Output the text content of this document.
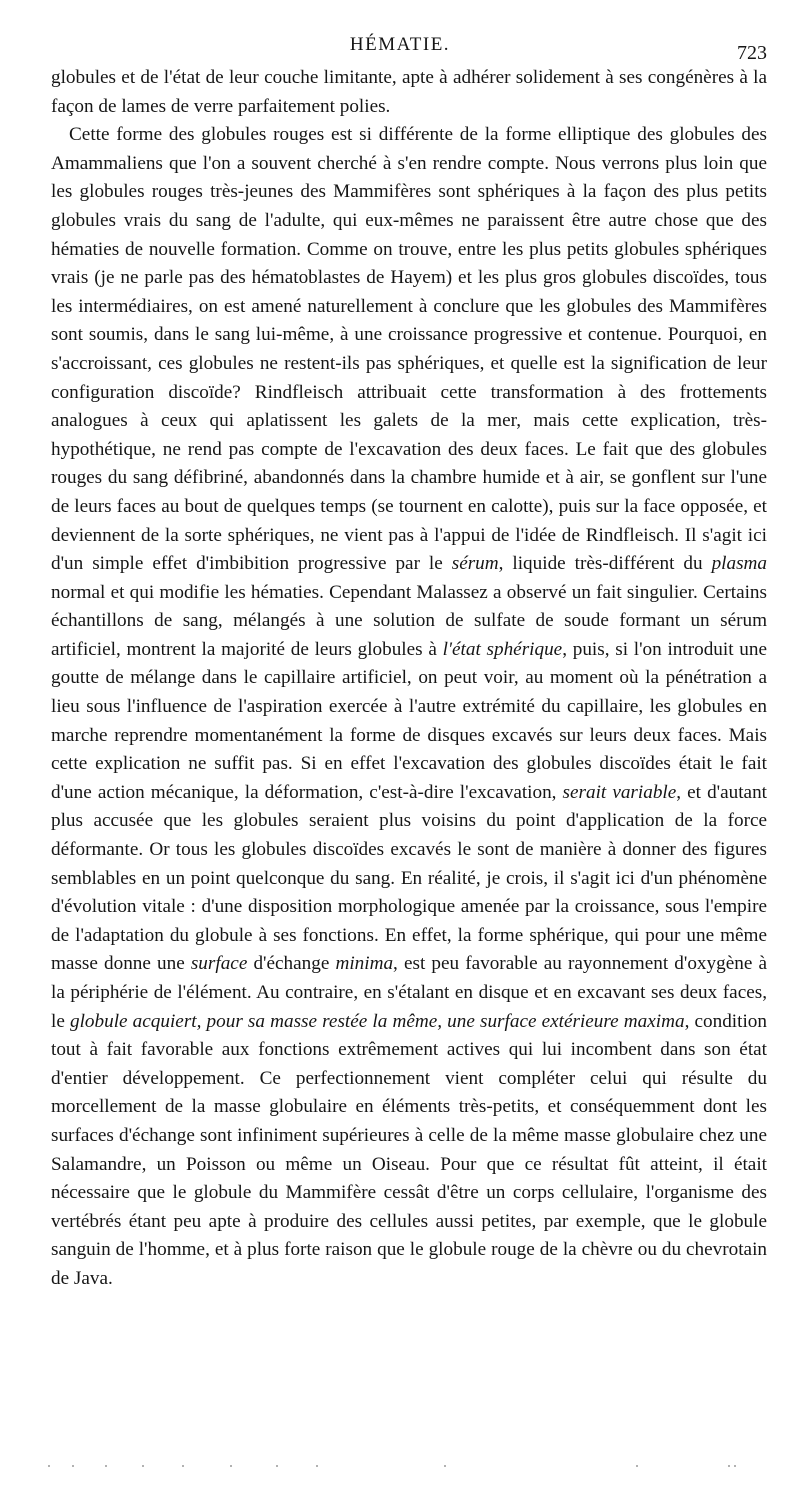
HÉMATIE.	723

globules et de l'état de leur couche limitante, apte à adhérer solidement à ses congénères à la façon de lames de verre parfaitement polies.

Cette forme des globules rouges est si différente de la forme elliptique des globules des Amammaliens que l'on a souvent cherché à s'en rendre compte. Nous verrons plus loin que les globules rouges très-jeunes des Mammifères sont sphériques à la façon des plus petits globules vrais du sang de l'adulte, qui eux-mêmes ne paraissent être autre chose que des hématies de nouvelle formation. Comme on trouve, entre les plus petits globules sphériques vrais (je ne parle pas des hématoblastes de Hayem) et les plus gros globules discoïdes, tous les intermédiaires, on est amené naturellement à conclure que les globules des Mammifères sont soumis, dans le sang lui-même, à une croissance progressive et contenue. Pourquoi, en s'accroissant, ces globules ne restent-ils pas sphériques, et quelle est la signification de leur configuration discoïde? Rindfleisch attribuait cette transformation à des frottements analogues à ceux qui aplatissent les galets de la mer, mais cette explication, très-hypothétique, ne rend pas compte de l'excavation des deux faces. Le fait que des globules rouges du sang défibriné, abandonnés dans la chambre humide et à air, se gonflent sur l'une de leurs faces au bout de quelques temps (se tournent en calotte), puis sur la face opposée, et deviennent de la sorte sphériques, ne vient pas à l'appui de l'idée de Rindfleisch. Il s'agit ici d'un simple effet d'imbibition progressive par le sérum, liquide très-différent du plasma normal et qui modifie les hématies. Cependant Malassez a observé un fait singulier. Certains échantillons de sang, mélangés à une solution de sulfate de soude formant un sérum artificiel, montrent la majorité de leurs globules à l'état sphérique, puis, si l'on introduit une goutte de mélange dans le capillaire artificiel, on peut voir, au moment où la pénétration a lieu sous l'influence de l'aspiration exercée à l'autre extrémité du capillaire, les globules en marche reprendre momentanément la forme de disques excavés sur leurs deux faces. Mais cette explication ne suffit pas. Si en effet l'excavation des globules discoïdes était le fait d'une action mécanique, la déformation, c'est-à-dire l'excavation, serait variable, et d'autant plus accusée que les globules seraient plus voisins du point d'application de la force déformante. Or tous les globules discoïdes excavés le sont de manière à donner des figures semblables en un point quelconque du sang. En réalité, je crois, il s'agit ici d'un phénomène d'évolution vitale : d'une disposition morphologique amenée par la croissance, sous l'empire de l'adaptation du globule à ses fonctions. En effet, la forme sphérique, qui pour une même masse donne une surface d'échange minima, est peu favorable au rayonnement d'oxygène à la périphérie de l'élément. Au contraire, en s'étalant en disque et en excavant ses deux faces, le globule acquiert, pour sa masse restée la même, une surface extérieure maxima, condition tout à fait favorable aux fonctions extrêmement actives qui lui incombent dans son état d'entier développement. Ce perfectionnement vient compléter celui qui résulte du morcellement de la masse globulaire en éléments très-petits, et conséquemment dont les surfaces d'échange sont infiniment supérieures à celle de la même masse globulaire chez une Salamandre, un Poisson ou même un Oiseau. Pour que ce résultat fût atteint, il était nécessaire que le globule du Mammifère cessât d'être un corps cellulaire, l'organisme des vertébrés étant peu apte à produire des cellules aussi petites, par exemple, que le globule sanguin de l'homme, et à plus forte raison que le globule rouge de la chèvre ou du chevrotain de Java.
